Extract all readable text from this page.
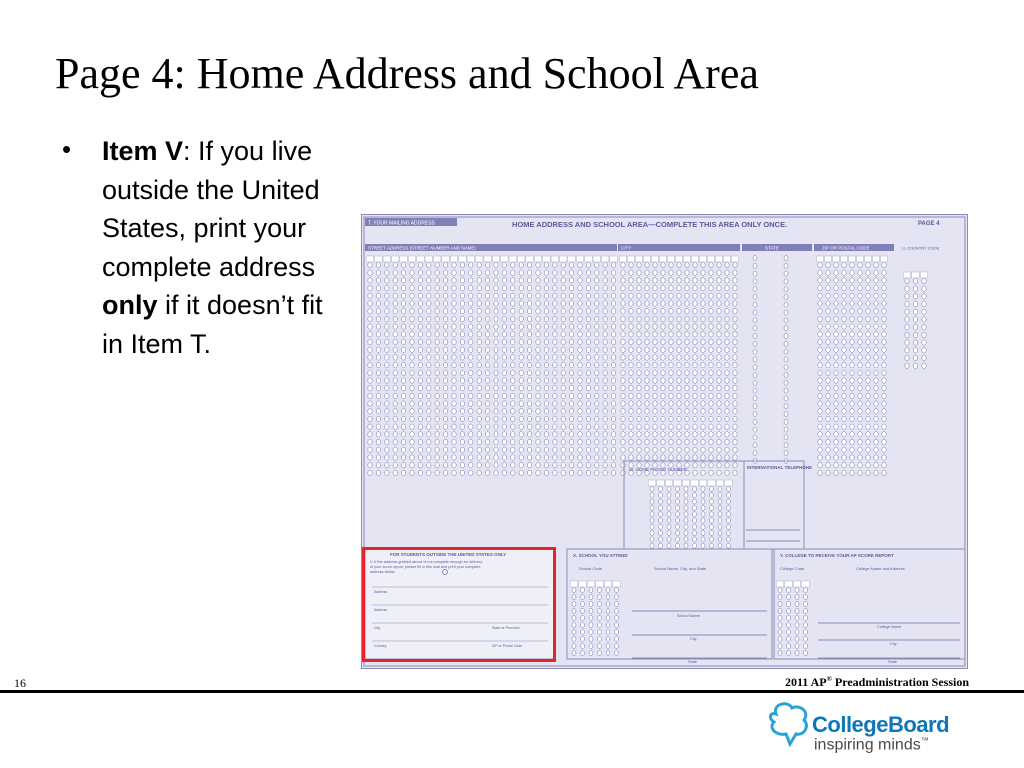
Page 4: Home Address and School Area
• Item V: If you live outside the United States, print your complete address only if it doesn’t fit in Item T.
T. YOUR MAILING ADDRESS	HOME ADDRESS AND SCHOOL AREA—COMPLETE THIS AREA ONLY ONCE.	PAGE 4
STREET ADDRESS (STREET NUMBER AND NAME)	CITY	STATE	ZIP OR POSTAL CODE	U. COUNTRY CODE
W. HOME PHONE NUMBER	INTERNATIONAL TELEPHONE
FOR STUDENTS OUTSIDE THE UNITED STATES ONLY
V. If the address gridded above is not complete enough for delivery
of your score report, please fill in this oval and print your complete
address below.
Address
Address
City	State or Province
Country	ZIP or Postal Code
X. SCHOOL YOU ATTEND
School Code	School Name, City, and State
School Name
City
State
Y. COLLEGE TO RECEIVE YOUR AP SCORE REPORT
College Code	College Name and Address
College Name
City
State
16	2011 AP® Preadministration Session
CollegeBoard
inspiring minds™
